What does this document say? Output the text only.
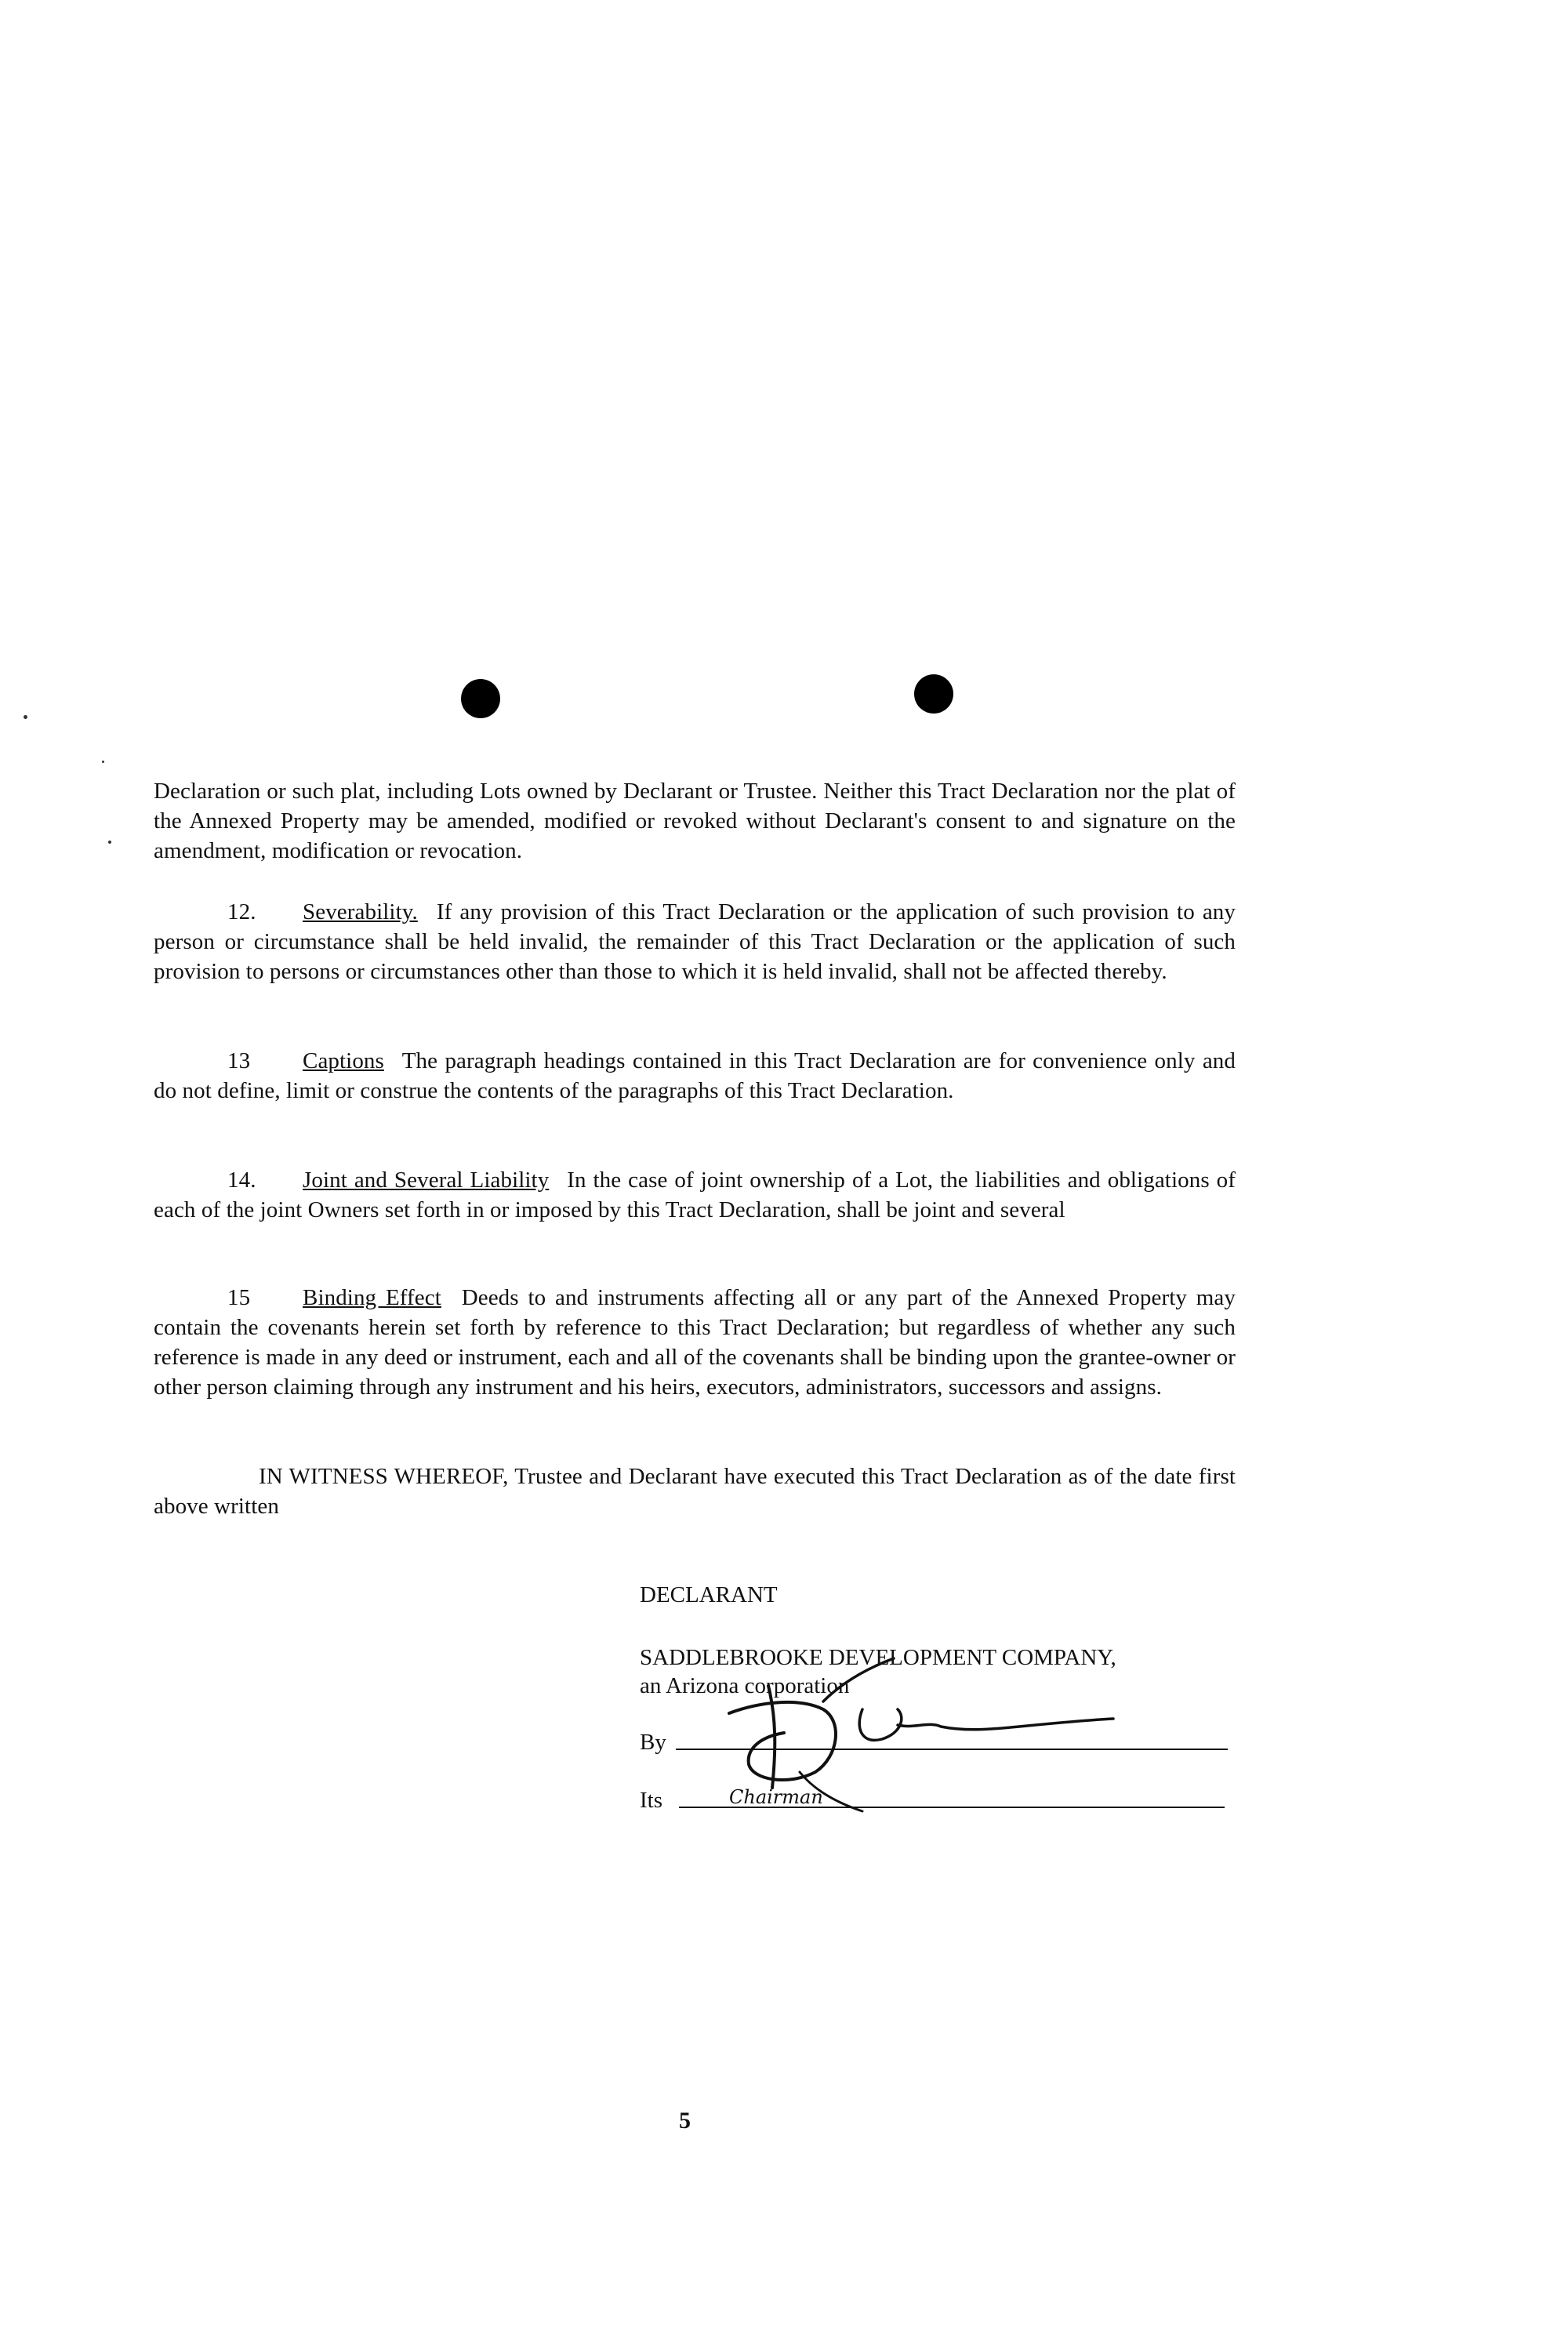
Declaration or such plat, including Lots owned by Declarant or Trustee. Neither this Tract Declaration nor the plat of the Annexed Property may be amended, modified or revoked without Declarant's consent to and signature on the amendment, modification or revocation.
12. Severability. If any provision of this Tract Declaration or the application of such provision to any person or circumstance shall be held invalid, the remainder of this Tract Declaration or the application of such provision to persons or circumstances other than those to which it is held invalid, shall not be affected thereby.
13 Captions The paragraph headings contained in this Tract Declaration are for convenience only and do not define, limit or construe the contents of the paragraphs of this Tract Declaration.
14. Joint and Several Liability In the case of joint ownership of a Lot, the liabilities and obligations of each of the joint Owners set forth in or imposed by this Tract Declaration, shall be joint and several
15 Binding Effect Deeds to and instruments affecting all or any part of the Annexed Property may contain the covenants herein set forth by reference to this Tract Declaration; but regardless of whether any such reference is made in any deed or instrument, each and all of the covenants shall be binding upon the grantee-owner or other person claiming through any instrument and his heirs, executors, administrators, successors and assigns.
IN WITNESS WHEREOF, Trustee and Declarant have executed this Tract Declaration as of the date first above written
DECLARANT
SADDLEBROOKE DEVELOPMENT COMPANY,
an Arizona corporation
By
Its	Chairman
5
